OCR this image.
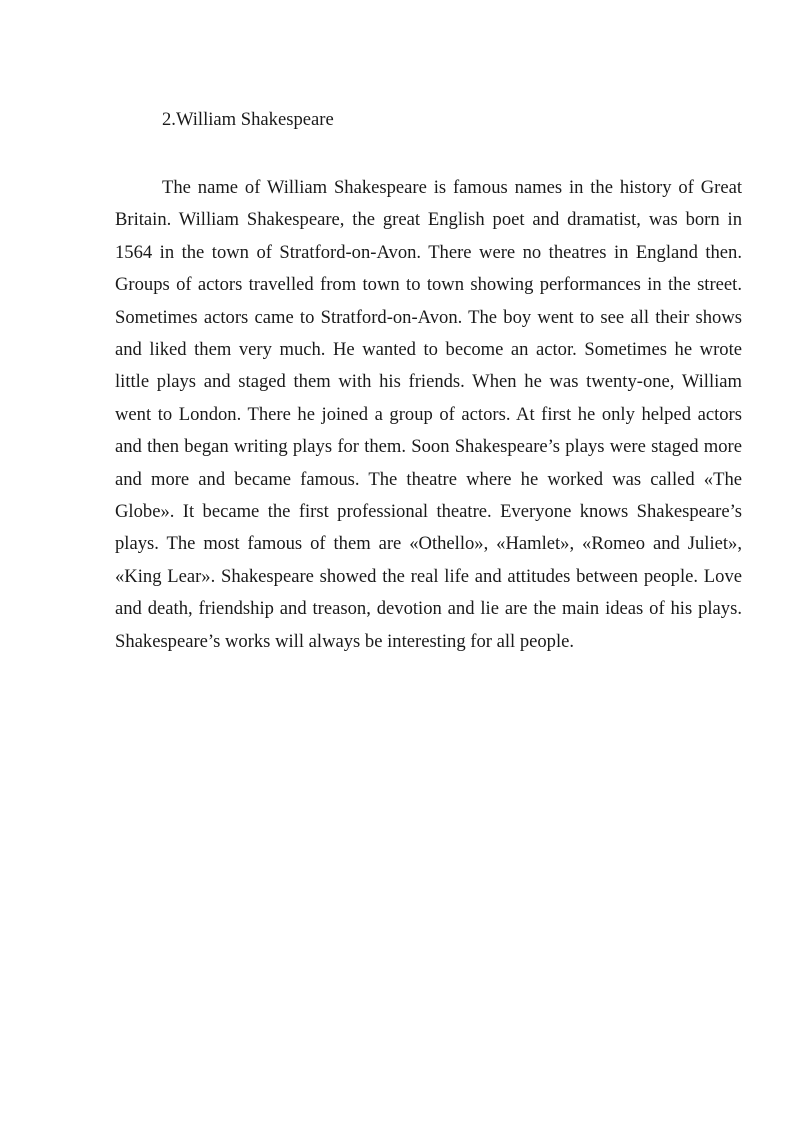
2.William Shakespeare

The name of William Shakespeare is famous names in the history of Great Britain. William Shakespeare, the great English poet and dramatist, was born in 1564 in the town of Stratford-on-Avon. There were no theatres in England then. Groups of actors travelled from town to town showing performances in the street. Sometimes actors came to Stratford-on-Avon. The boy went to see all their shows and liked them very much. He wanted to become an actor. Sometimes he wrote little plays and staged them with his friends. When he was twenty-one, William went to London. There he joined a group of actors. At first he only helped actors and then began writing plays for them. Soon Shakespeare’s plays were staged more and more and became famous. The theatre where he worked was called «The Globe». It became the first professional theatre. Everyone knows Shakespeare’s plays. The most famous of them are «Othello», «Hamlet», «Romeo and Juliet», «King Lear». Shakespeare showed the real life and attitudes between people. Love and death, friendship and treason, devotion and lie are the main ideas of his plays. Shakespeare’s works will always be interesting for all people.
